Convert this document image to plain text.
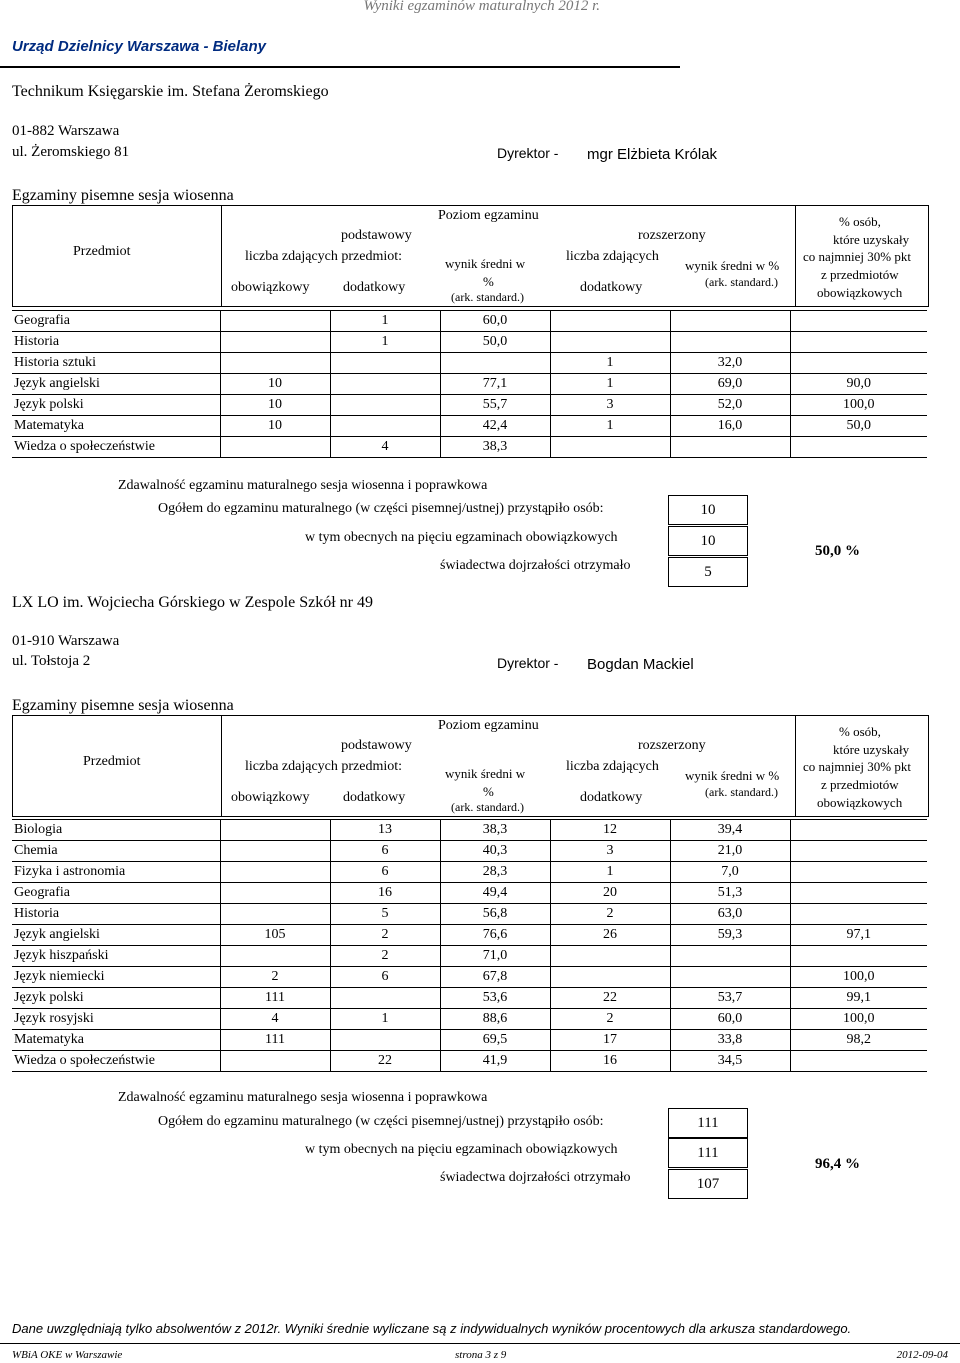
Wyniki egzaminów maturalnych 2012 r.
Urząd Dzielnicy Warszawa - Bielany
Technikum Księgarskie im. Stefana Żeromskiego
01-882 Warszawa
ul. Żeromskiego 81	Dyrektor - mgr Elżbieta Królak
Egzaminy pisemne sesja wiosenna
Przedmiot
Poziom egzaminu
podstawowy	rozszerzony
liczba zdających przedmiot:	liczba zdających
obowiązkowy dodatkowy
wynik średni w
%
(ark. standard.)
dodatkowy
wynik średni w %
(ark. standard.)
% osób,
które uzyskały
co najmniej 30% pkt
z przedmiotów
obowiązkowych
Geografia		1	60,0			
Historia		1	50,0			
Historia sztuki				1	32,0	
Język angielski	10		77,1	1	69,0	90,0
Język polski	10		55,7	3	52,0	100,0
Matematyka	10		42,4	1	16,0	50,0
Wiedza o społeczeństwie		4	38,3			
Zdawalność egzaminu maturalnego sesja wiosenna i poprawkowa
Ogółem do egzaminu maturalnego (w części pisemnej/ustnej) przystąpiło osób:	10
w tym obecnych na pięciu egzaminach obowiązkowych	10
świadectwa dojrzałości otrzymało	5
50,0 %
LX LO im. Wojciecha Górskiego w Zespole Szkół nr 49
01-910 Warszawa
ul. Tołstoja 2	Dyrektor - Bogdan Mackiel
Egzaminy pisemne sesja wiosenna
Przedmiot
Poziom egzaminu
podstawowy	rozszerzony
liczba zdających przedmiot:	liczba zdających
obowiązkowy dodatkowy
wynik średni w
%
(ark. standard.)
dodatkowy
wynik średni w %
(ark. standard.)
% osób,
które uzyskały
co najmniej 30% pkt
z przedmiotów
obowiązkowych
Biologia		13	38,3	12	39,4	
Chemia		6	40,3	3	21,0	
Fizyka i astronomia		6	28,3	1	7,0	
Geografia		16	49,4	20	51,3	
Historia		5	56,8	2	63,0	
Język angielski	105	2	76,6	26	59,3	97,1
Język hiszpański		2	71,0			
Język niemiecki	2	6	67,8			100,0
Język polski	111		53,6	22	53,7	99,1
Język rosyjski	4	1	88,6	2	60,0	100,0
Matematyka	111		69,5	17	33,8	98,2
Wiedza o społeczeństwie		22	41,9	16	34,5	
Zdawalność egzaminu maturalnego sesja wiosenna i poprawkowa
Ogółem do egzaminu maturalnego (w części pisemnej/ustnej) przystąpiło osób:	111
w tym obecnych na pięciu egzaminach obowiązkowych	111
świadectwa dojrzałości otrzymało	107
96,4 %
Dane uwzględniają tylko absolwentów z 2012r. Wyniki średnie wyliczane są z indywidualnych wyników procentowych dla arkusza standardowego.
WBiA OKE w Warszawie	strona 3 z 9	2012-09-04
